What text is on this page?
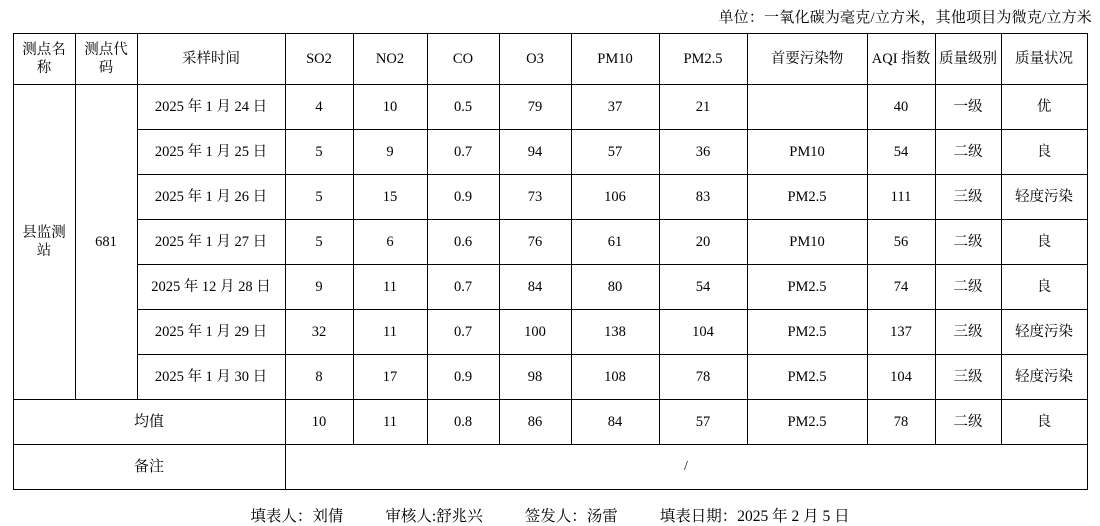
单位：一氧化碳为毫克/立方米，其他项目为微克/立方米
测点名称	测点代码	采样时间	SO2	NO2	CO	O3	PM10	PM2.5	首要污染物	AQI 指数	质量级别	质量状况
县监测站	681	2025 年 1 月 24 日	4	10	0.5	79	37	21		40	一级	优
		2025 年 1 月 25 日	5	9	0.7	94	57	36	PM10	54	二级	良
		2025 年 1 月 26 日	5	15	0.9	73	106	83	PM2.5	111	三级	轻度污染
		2025 年 1 月 27 日	5	6	0.6	76	61	20	PM10	56	二级	良
		2025 年 12 月 28 日	9	11	0.7	84	80	54	PM2.5	74	二级	良
		2025 年 1 月 29 日	32	11	0.7	100	138	104	PM2.5	137	三级	轻度污染
		2025 年 1 月 30 日	8	17	0.9	98	108	78	PM2.5	104	三级	轻度污染
均值			10	11	0.8	86	84	57	PM2.5	78	二级	良
备注			/									
填表人：刘倩	审核人:舒兆兴	签发人：汤雷	填表日期：2025 年 2 月 5 日
